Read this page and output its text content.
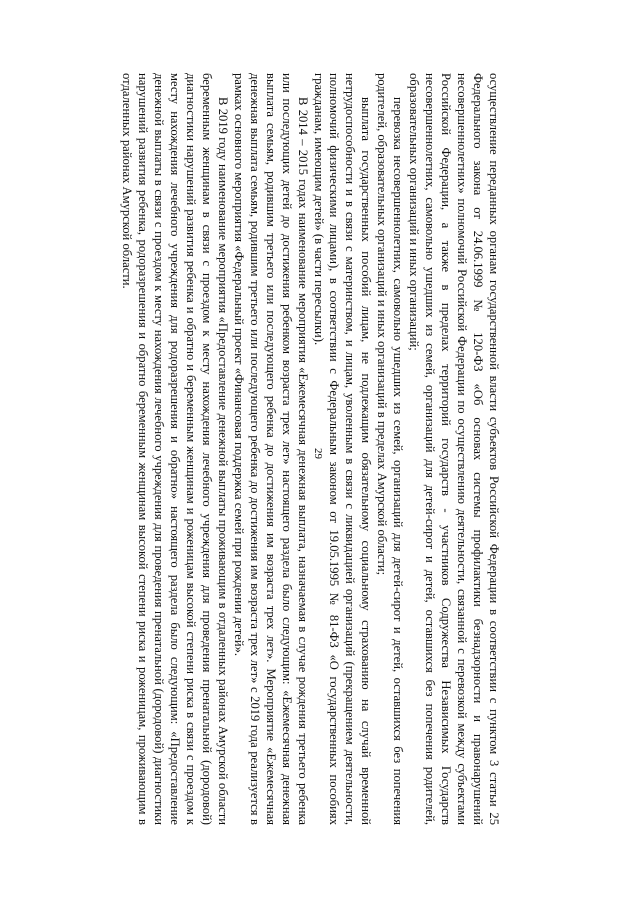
29	осуществление переданных органам государственной власти субъектов Российской Федерации в соответствии с пунктом 3 статьи 25 Федерального закона от 24.06.1999 № 120-ФЗ «Об основах системы профилактики безнадзорности и правонарушений несовершеннолетних» полномочий Российской Федерации по осуществлению деятельности, связанной с перевозкой между субъектами Российской Федерации, а также в пределах территорий государств - участников Содружества Независимых Государств несовершеннолетних, самовольно ушедших из семей, организаций для детей-сирот и детей, оставшихся без попечения родителей, образовательных организаций и иных организаций;

перевозка несовершеннолетних, самовольно ушедших из семей, организаций для детей-сирот и детей, оставшихся без попечения родителей, образовательных организаций и иных организаций в пределах Амурской области;

выплата государственных пособий лицам, не подлежащим обязательному социальному страхованию на случай временной нетрудоспособности и в связи с материнством, и лицам, уволенным в связи с ликвидацией организаций (прекращением деятельности, полномочий физическими лицами), в соответствии с Федеральным законом от 19.05.1995 № 81-ФЗ «О государственных пособиях гражданам, имеющим детей» (в части пересылки).

В 2014 – 2015 годах наименование мероприятия «Ежемесячная денежная выплата, назначаемая в случае рождения третьего ребенка или последующих детей до достижения ребенком возраста трех лет» настоящего раздела было следующим: «Ежемесячная денежная выплата семьям, родившим третьего или последующего ребенка до достижения им возраста трех лет». Мероприятие «Ежемесячная денежная выплата семьям, родившим третьего или последующего ребенка до достижения им возраста трех лет» с 2019 года реализуется в рамках основного мероприятия «Федеральный проект «Финансовая поддержка семей при рождении детей».

В 2019 году наименование мероприятия «Предоставление денежной выплаты проживающим в отдаленных районах Амурской области беременным женщинам в связи с проездом к месту нахождения лечебного учреждения для проведения пренатальной (дородовой) диагностики нарушений развития ребенка и обратно и беременным женщинам и роженицам высокой степени риска в связи с проездом к месту нахождения лечебного учреждения для родоразрешения и обратно» настоящего раздела было следующим: «Предоставление денежной выплаты в связи с проездом к месту нахождения лечебного учреждения для проведения пренатальной (дородовой) диагностики нарушений развития ребенка, родоразрешения и обратно беременным женщинам высокой степени риска и роженицам, проживающим в отдаленных районах Амурской области.
